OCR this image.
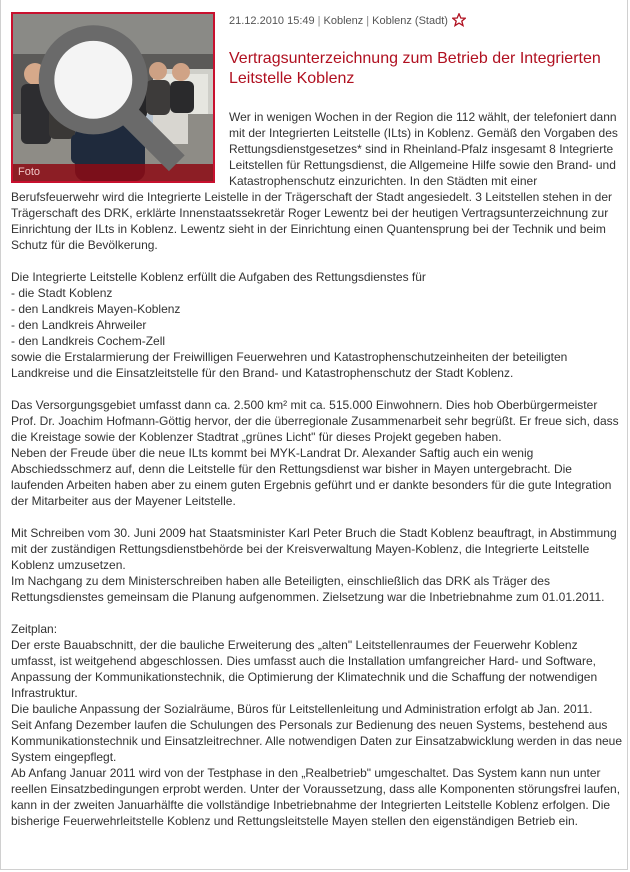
Foto
21.12.2010 15:49 | Koblenz | Koblenz (Stadt)
Vertragsunterzeichnung zum Betrieb der Integrierten Leitstelle Koblenz

Wer in wenigen Wochen in der Region die 112 wählt, der telefoniert dann mit der Integrierten Leitstelle (ILts) in Koblenz. Gemäß den Vorgaben des Rettungsdienstgesetzes* sind in Rheinland-Pfalz insgesamt 8 Integrierte Leitstellen für Rettungsdienst, die Allgemeine Hilfe sowie den Brand- und Katastrophenschutz einzurichten. In den Städten mit einer Berufsfeuerwehr wird die Integrierte Leistelle in der Trägerschaft der Stadt angesiedelt. 3 Leitstellen stehen in der Trägerschaft des DRK, erklärte Innenstaatssekretär Roger Lewentz bei der heutigen Vertragsunterzeichnung zur Einrichtung der ILts in Koblenz. Lewentz sieht in der Einrichtung einen Quantensprung bei der Technik und beim Schutz für die Bevölkerung.

Die Integrierte Leitstelle Koblenz erfüllt die Aufgaben des Rettungsdienstes für
- die Stadt Koblenz
- den Landkreis Mayen-Koblenz
- den Landkreis Ahrweiler
- den Landkreis Cochem-Zell
sowie die Erstalarmierung der Freiwilligen Feuerwehren und Katastrophenschutzeinheiten der beteiligten Landkreise und die Einsatzleitstelle für den Brand- und Katastrophenschutz der Stadt Koblenz.

Das Versorgungsgebiet umfasst dann ca. 2.500 km² mit ca. 515.000 Einwohnern. Dies hob Oberbürgermeister Prof. Dr. Joachim Hofmann-Göttig hervor, der die überregionale Zusammenarbeit sehr begrüßt. Er freue sich, dass die Kreistage sowie der Koblenzer Stadtrat „grünes Licht" für dieses Projekt gegeben haben.

Neben der Freude über die neue ILts kommt bei MYK-Landrat Dr. Alexander Saftig auch ein wenig Abschiedsschmerz auf, denn die Leitstelle für den Rettungsdienst war bisher in Mayen untergebracht. Die laufenden Arbeiten haben aber zu einem guten Ergebnis geführt und er dankte besonders für die gute Integration der Mitarbeiter aus der Mayener Leitstelle.

Mit Schreiben vom 30. Juni 2009 hat Staatsminister Karl Peter Bruch die Stadt Koblenz beauftragt, in Abstimmung mit der zuständigen Rettungsdienstbehörde bei der Kreisverwaltung Mayen-Koblenz, die Integrierte Leitstelle Koblenz umzusetzen.

Im Nachgang zu dem Ministerschreiben haben alle Beteiligten, einschließlich das DRK als Träger des Rettungsdienstes gemeinsam die Planung aufgenommen. Zielsetzung war die Inbetriebnahme zum 01.01.2011.

Zeitplan:

Der erste Bauabschnitt, der die bauliche Erweiterung des „alten" Leitstellenraumes der Feuerwehr Koblenz umfasst, ist weitgehend abgeschlossen. Dies umfasst auch die Installation umfangreicher Hard- und Software, Anpassung der Kommunikationstechnik, die Optimierung der Klimatechnik und die Schaffung der notwendigen Infrastruktur.

Die bauliche Anpassung der Sozialräume, Büros für Leitstellenleitung und Administration erfolgt ab Jan. 2011.

Seit Anfang Dezember laufen die Schulungen des Personals zur Bedienung des neuen Systems, bestehend aus Kommunikationstechnik und Einsatzleitrechner. Alle notwendigen Daten zur Einsatzabwicklung werden in das neue System eingepflegt.

Ab Anfang Januar 2011 wird von der Testphase in den „Realbetrieb" umgeschaltet. Das System kann nun unter reellen Einsatzbedingungen erprobt werden. Unter der Voraussetzung, dass alle Komponenten störungsfrei laufen, kann in der zweiten Januarhälfte die vollständige Inbetriebnahme der Integrierten Leitstelle Koblenz erfolgen. Die bisherige Feuerwehrleitstelle Koblenz und Rettungsleitstelle Mayen stellen den eigenständigen Betrieb ein.
